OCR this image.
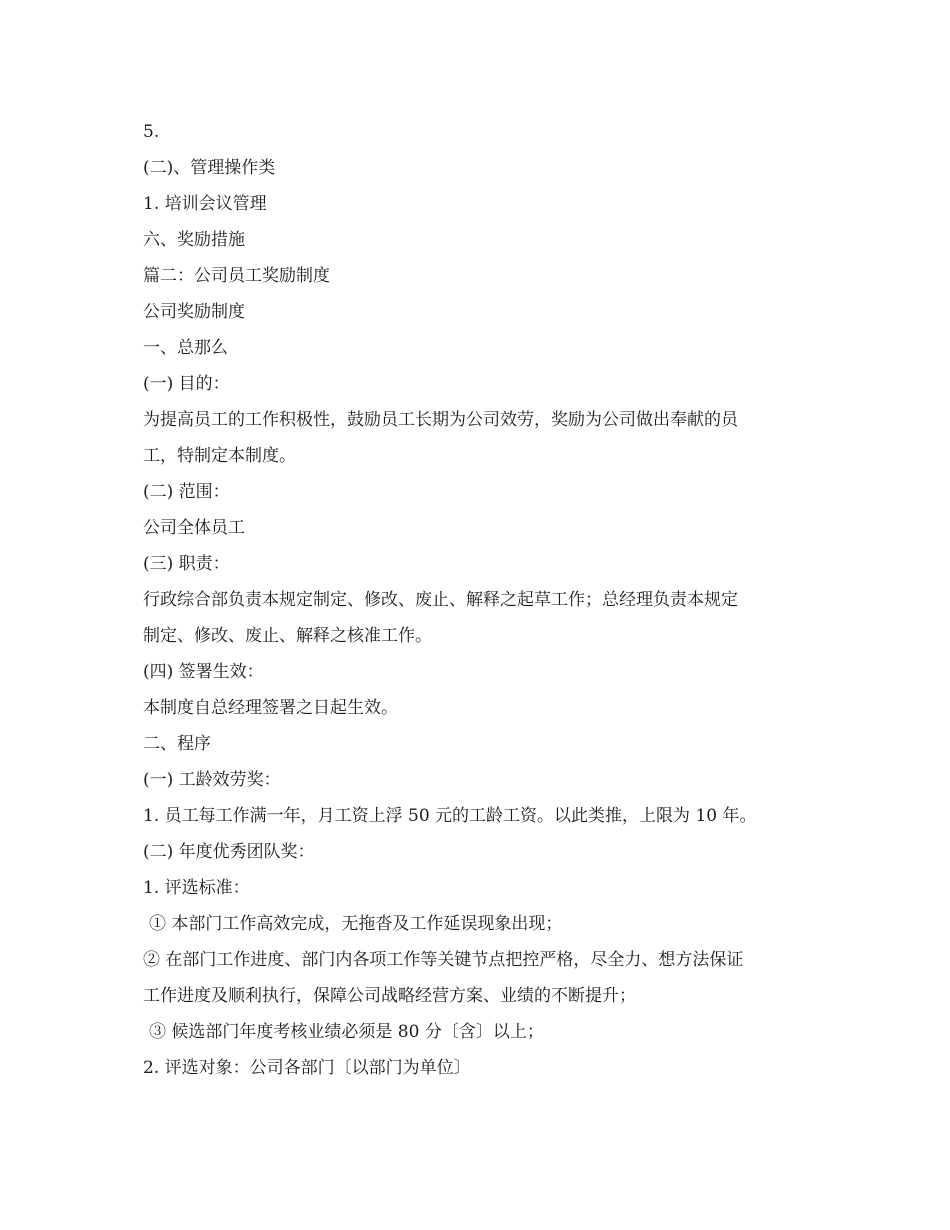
5.
(二)、管理操作类
1. 培训会议管理
六、奖励措施
篇二：公司员工奖励制度
公司奖励制度
一、总那么
(一) 目的：
为提高员工的工作积极性，鼓励员工长期为公司效劳，奖励为公司做出奉献的员
工，特制定本制度。
(二) 范围：
公司全体员工
(三) 职责：
行政综合部负责本规定制定、修改、废止、解释之起草工作；总经理负责本规定
制定、修改、废止、解释之核准工作。
(四) 签署生效：
本制度自总经理签署之日起生效。
二、程序
(一) 工龄效劳奖：
1. 员工每工作满一年，月工资上浮 50 元的工龄工资。以此类推，上限为 10 年。
(二) 年度优秀团队奖：
1. 评选标准：
① 本部门工作高效完成，无拖沓及工作延误现象出现；
② 在部门工作进度、部门内各项工作等关键节点把控严格，尽全力、想方法保证
工作进度及顺利执行，保障公司战略经营方案、业绩的不断提升；
③ 候选部门年度考核业绩必须是 80 分〔含〕以上；
2. 评选对象：公司各部门〔以部门为单位〕
